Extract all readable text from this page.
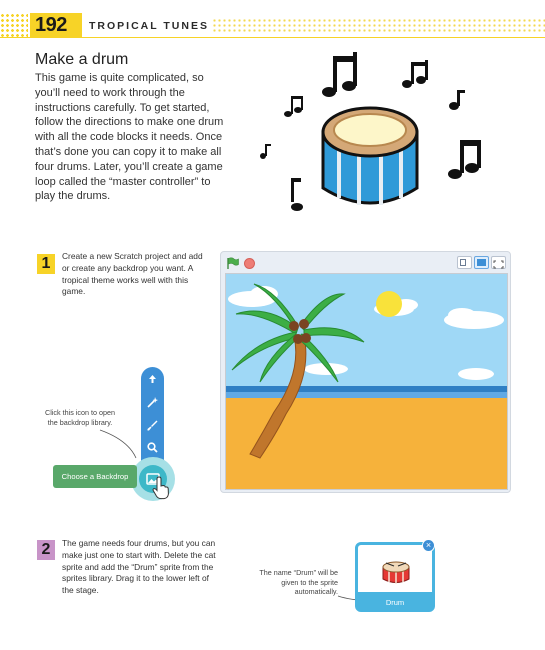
192 TROPICAL TUNES
Make a drum
This game is quite complicated, so you’ll need to work through the instructions carefully. To get started, follow the directions to make one drum with all the code blocks it needs. Once that’s done you can copy it to make all four drums. Later, you’ll create a game loop called the “master controller” to play the drums.
1	Create a new Scratch project and add or create any backdrop you want. A tropical theme works well with this game.
Click this icon to open the backdrop library.
Choose a Backdrop
2	The game needs four drums, but you can make just one to start with. Delete the cat sprite and add the “Drum” sprite from the sprites library. Drag it to the lower left of the stage.
The name “Drum” will be given to the sprite automatically.
Drum
×
